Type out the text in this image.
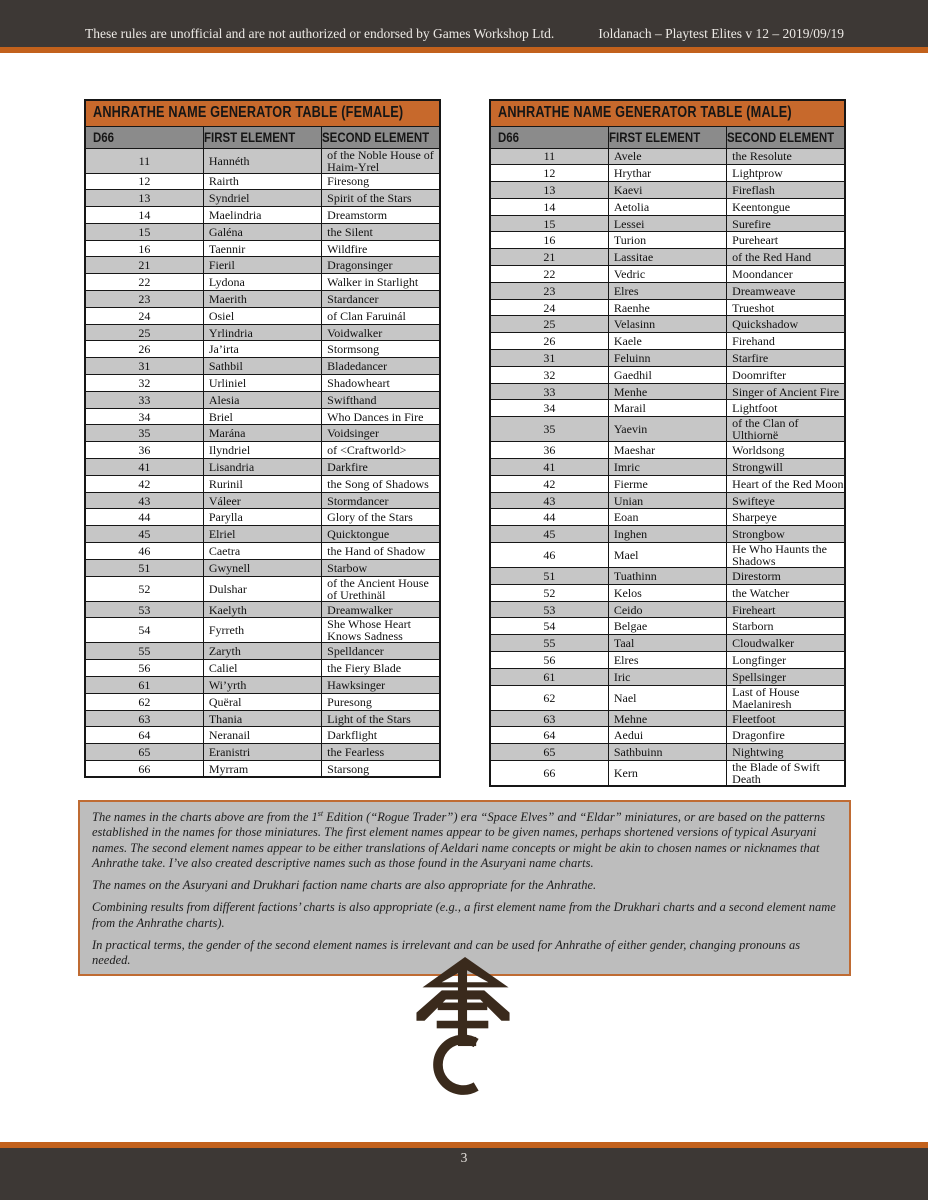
These rules are unofficial and are not authorized or endorsed by Games Workshop Ltd.	Ioldanach – Playtest Elites v 12 – 2019/09/19
ANHRATHE NAME GENERATOR TABLE (FEMALE)		
D66	FIRST ELEMENT	SECOND ELEMENT
11	Hannéth	of the Noble House of Haim-Yrel
12	Rairth	Firesong
13	Syndriel	Spirit of the Stars
14	Maelindria	Dreamstorm
15	Galéna	the Silent
16	Taennir	Wildfire
21	Fieril	Dragonsinger
22	Lydona	Walker in Starlight
23	Maerith	Stardancer
24	Osiel	of Clan Faruinál
25	Yrlindria	Voidwalker
26	Ja’irta	Stormsong
31	Sathbil	Bladedancer
32	Urliniel	Shadowheart
33	Alesia	Swifthand
34	Briel	Who Dances in Fire
35	Marána	Voidsinger
36	Ilyndriel	of <Craftworld>
41	Lisandria	Darkfire
42	Rurinil	the Song of Shadows
43	Váleer	Stormdancer
44	Parylla	Glory of the Stars
45	Elriel	Quicktongue
46	Caetra	the Hand of Shadow
51	Gwynell	Starbow
52	Dulshar	of the Ancient House of Urethinäl
53	Kaelyth	Dreamwalker
54	Fyrreth	She Whose Heart Knows Sadness
55	Zaryth	Spelldancer
56	Caliel	the Fiery Blade
61	Wi’yrth	Hawksinger
62	Quëral	Puresong
63	Thania	Light of the Stars
64	Neranail	Darkflight
65	Eranistri	the Fearless
66	Myrram	Starsong
ANHRATHE NAME GENERATOR TABLE (MALE)		
D66	FIRST ELEMENT	SECOND ELEMENT
11	Avele	the Resolute
12	Hrythar	Lightprow
13	Kaevi	Fireflash
14	Aetolia	Keentongue
15	Lessei	Surefire
16	Turion	Pureheart
21	Lassitae	of the Red Hand
22	Vedric	Moondancer
23	Elres	Dreamweave
24	Raenhe	Trueshot
25	Velasinn	Quickshadow
26	Kaele	Firehand
31	Feluinn	Starfire
32	Gaedhil	Doomrifter
33	Menhe	Singer of Ancient Fire
34	Marail	Lightfoot
35	Yaevin	of the Clan of Ulthiornë
36	Maeshar	Worldsong
41	Imric	Strongwill
42	Fierme	Heart of the Red Moon
43	Unian	Swifteye
44	Eoan	Sharpeye
45	Inghen	Strongbow
46	Mael	He Who Haunts the Shadows
51	Tuathinn	Direstorm
52	Kelos	the Watcher
53	Ceido	Fireheart
54	Belgae	Starborn
55	Taal	Cloudwalker
56	Elres	Longfinger
61	Iric	Spellsinger
62	Nael	Last of House Maelaniresh
63	Mehne	Fleetfoot
64	Aedui	Dragonfire
65	Sathbuinn	Nightwing
66	Kern	the Blade of Swift Death

The names in the charts above are from the 1st Edition (“Rogue Trader”) era “Space Elves” and “Eldar” miniatures, or are based on the patterns established in the names for those miniatures. The first element names appear to be given names, perhaps shortened versions of typical Asuryani names. The second element names appear to be either translations of Aeldari name concepts or might be akin to chosen names or nicknames that Anhrathe take. I’ve also created descriptive names such as those found in the Asuryani name charts.

The names on the Asuryani and Drukhari faction name charts are also appropriate for the Anhrathe.

Combining results from different factions’ charts is also appropriate (e.g., a first element name from the Drukhari charts and a second element name from the Anhrathe charts).

In practical terms, the gender of the second element names is irrelevant and can be used for Anhrathe of either gender, changing pronouns as needed.

3
